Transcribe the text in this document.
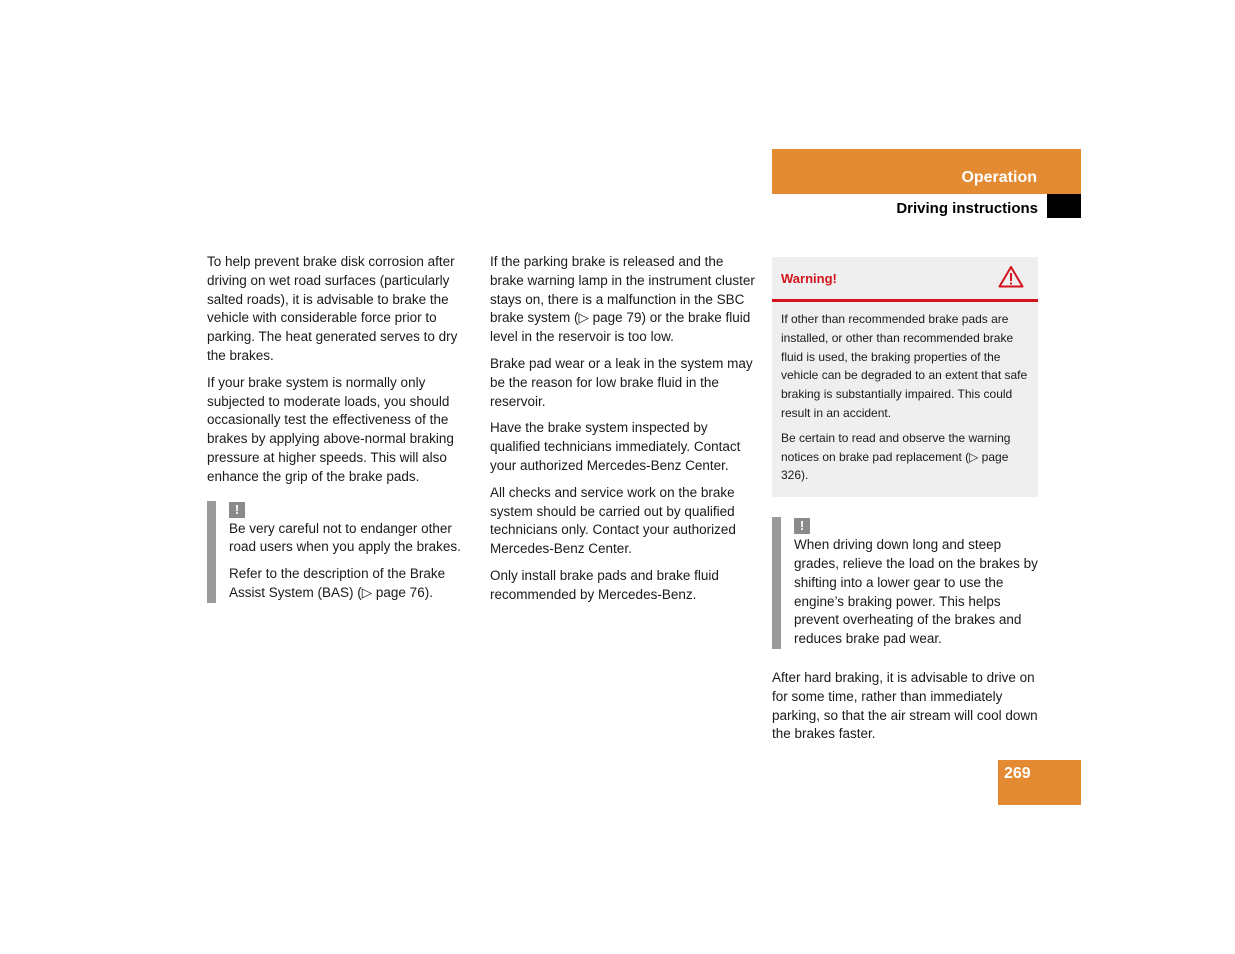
Operation
Driving instructions

To help prevent brake disk corrosion after driving on wet road surfaces (particularly salted roads), it is advisable to brake the vehicle with considerable force prior to parking. The heat generated serves to dry the brakes.

If your brake system is normally only subjected to moderate loads, you should occasionally test the effectiveness of the brakes by applying above-normal braking pressure at higher speeds. This will also enhance the grip of the brake pads.

!

Be very careful not to endanger other road users when you apply the brakes.

Refer to the description of the Brake Assist System (BAS) (▷ page 76).

If the parking brake is released and the brake warning lamp in the instrument cluster stays on, there is a malfunction in the SBC brake system (▷ page 79) or the brake fluid level in the reservoir is too low.

Brake pad wear or a leak in the system may be the reason for low brake fluid in the reservoir.

Have the brake system inspected by qualified technicians immediately. Contact your authorized Mercedes-Benz Center.

All checks and service work on the brake system should be carried out by qualified technicians only. Contact your authorized Mercedes-Benz Center.

Only install brake pads and brake fluid recommended by Mercedes-Benz.

Warning!

If other than recommended brake pads are installed, or other than recommended brake fluid is used, the braking properties of the vehicle can be degraded to an extent that safe braking is substantially impaired. This could result in an accident.

Be certain to read and observe the warning notices on brake pad replacement (▷ page 326).

!

When driving down long and steep grades, relieve the load on the brakes by shifting into a lower gear to use the engine’s braking power. This helps prevent overheating of the brakes and reduces brake pad wear.

After hard braking, it is advisable to drive on for some time, rather than immediately parking, so that the air stream will cool down the brakes faster.

269
